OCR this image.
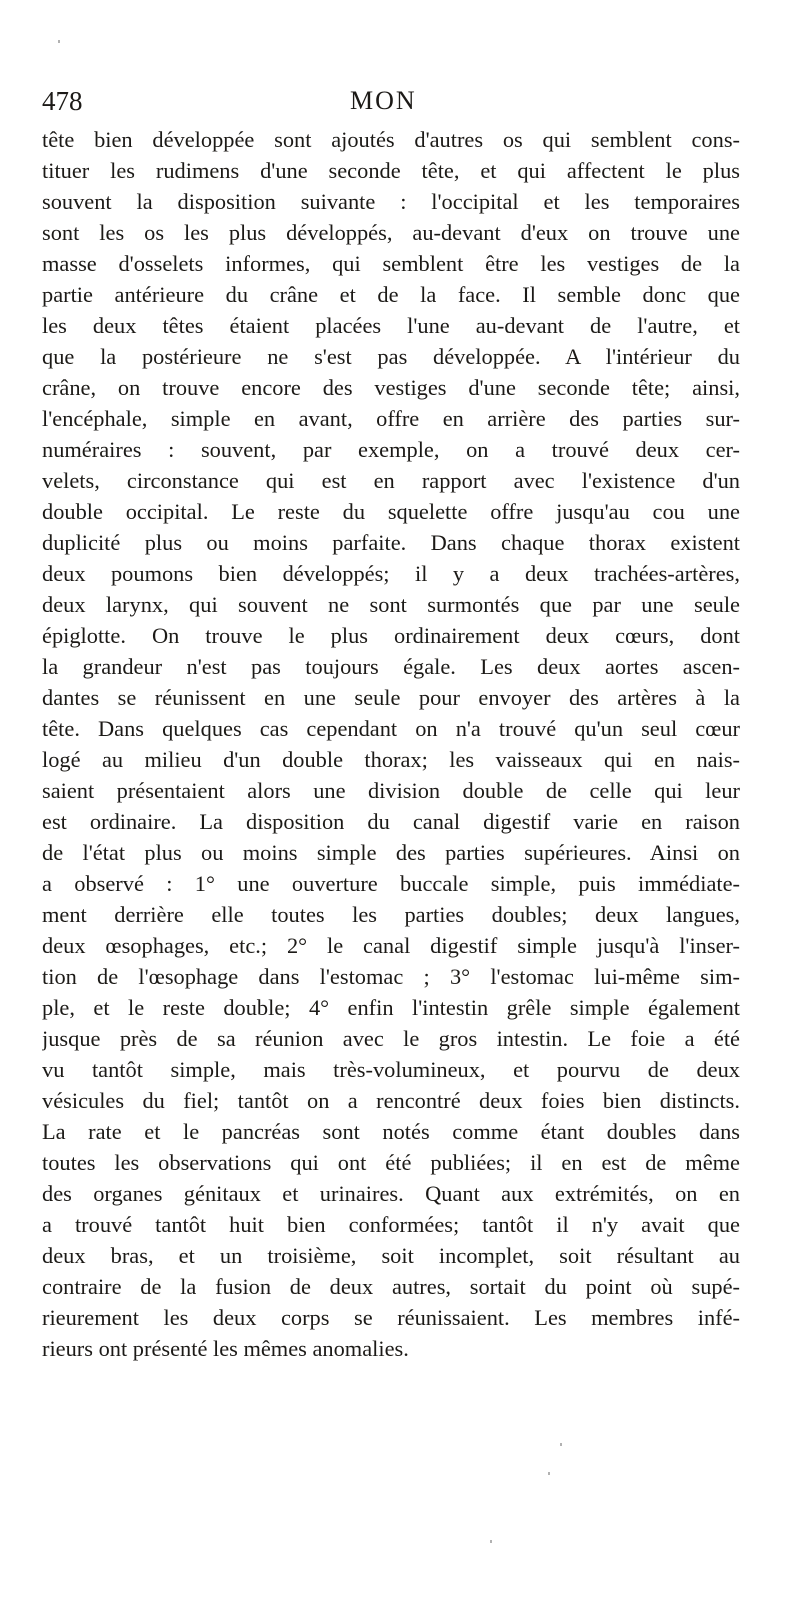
478	MON
tête bien développée sont ajoutés d'autres os qui semblent cons-
tituer les rudimens d'une seconde tête, et qui affectent le plus
souvent la disposition suivante : l'occipital et les temporaires
sont les os les plus développés, au-devant d'eux on trouve une
masse d'osselets informes, qui semblent être les vestiges de la
partie antérieure du crâne et de la face. Il semble donc que
les deux têtes étaient placées l'une au-devant de l'autre, et
que la postérieure ne s'est pas développée. A l'intérieur du
crâne, on trouve encore des vestiges d'une seconde tête; ainsi,
l'encéphale, simple en avant, offre en arrière des parties sur-
numéraires : souvent, par exemple, on a trouvé deux cer-
velets, circonstance qui est en rapport avec l'existence d'un
double occipital. Le reste du squelette offre jusqu'au cou une
duplicité plus ou moins parfaite. Dans chaque thorax existent
deux poumons bien développés; il y a deux trachées-artères,
deux larynx, qui souvent ne sont surmontés que par une seule
épiglotte. On trouve le plus ordinairement deux cœurs, dont
la grandeur n'est pas toujours égale. Les deux aortes ascen-
dantes se réunissent en une seule pour envoyer des artères à la
tête. Dans quelques cas cependant on n'a trouvé qu'un seul cœur
logé au milieu d'un double thorax; les vaisseaux qui en nais-
saient présentaient alors une division double de celle qui leur
est ordinaire. La disposition du canal digestif varie en raison
de l'état plus ou moins simple des parties supérieures. Ainsi on
a observé : 1° une ouverture buccale simple, puis immédiate-
ment derrière elle toutes les parties doubles; deux langues,
deux œsophages, etc.; 2° le canal digestif simple jusqu'à l'inser-
tion de l'œsophage dans l'estomac ; 3° l'estomac lui-même sim-
ple, et le reste double; 4° enfin l'intestin grêle simple également
jusque près de sa réunion avec le gros intestin. Le foie a été
vu tantôt simple, mais très-volumineux, et pourvu de deux
vésicules du fiel; tantôt on a rencontré deux foies bien distincts.
La rate et le pancréas sont notés comme étant doubles dans
toutes les observations qui ont été publiées; il en est de même
des organes génitaux et urinaires. Quant aux extrémités, on en
a trouvé tantôt huit bien conformées; tantôt il n'y avait que
deux bras, et un troisième, soit incomplet, soit résultant au
contraire de la fusion de deux autres, sortait du point où supé-
rieurement les deux corps se réunissaient. Les membres infé-
rieurs ont présenté les mêmes anomalies.
